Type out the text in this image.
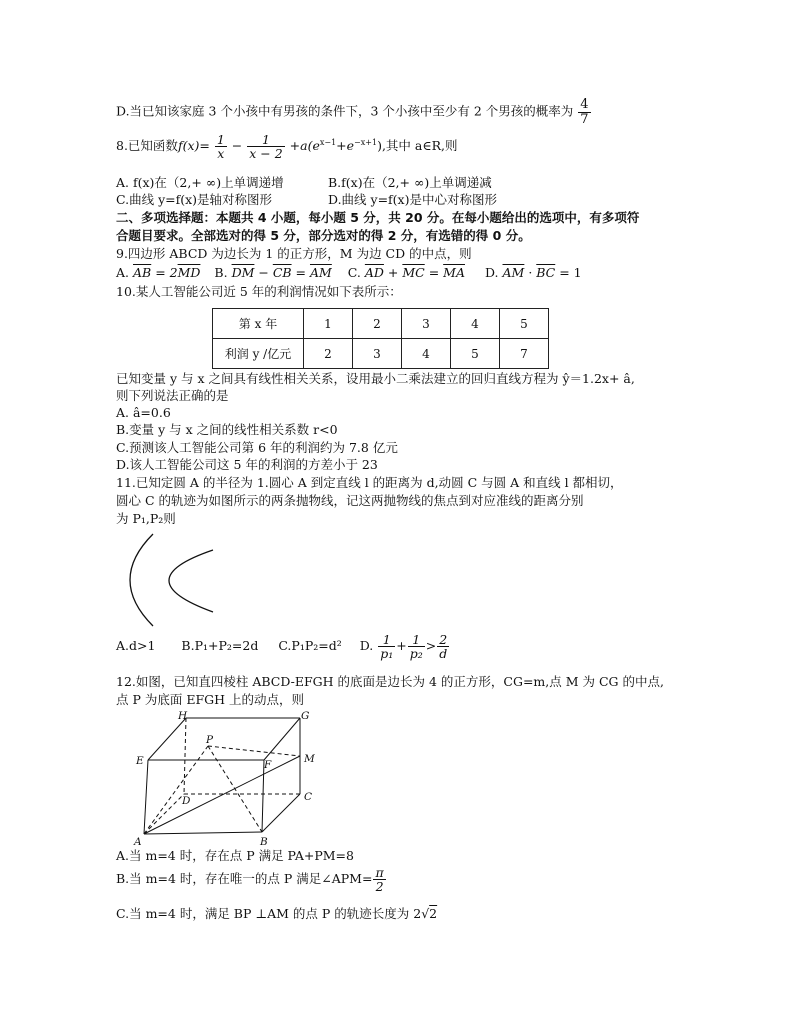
D.当已知该家庭 3 个小孩中有男孩的条件下，3 个小孩中至少有 2 个男孩的概率为 $\frac{4}{7}$
8.已知函数$f(x)= \frac{1}{x} - \frac{1}{x - 2} +a(e^{x-1}+e^{-x+1})$,其中 a∈R,则
A. f(x)在（2,+ ∞)上单调递增	B.f(x)在（2,+ ∞)上单调递减
C.曲线 y=f(x)是轴对称图形	D.曲线 y=f(x)是中心对称图形
二、多项选择题：本题共 4 小题，每小题 5 分，共 20 分。在每小题给出的选项中，有多项符
合题目要求。全部选对的得 5 分，部分选对的得 2 分，有选错的得 0 分。
9.四边形 ABCD 为边长为 1 的正方形，M 为边 CD 的中点，则
A. $\overline{AB} = 2\overline{MD}$ B. $\overline{DM} - \overline{CB} = \overline{AM}$ C. $\overline{AD} + \overline{MC} = \overline{MA}$ D. $\overline{AM} \cdot \overline{BC} = 1$
10.某人工智能公司近 5 年的利润情况如下表所示：
第 x 年	1	2	3	4	5
利润 y /亿元	2	3	4	5	7
已知变量 y 与 x 之间具有线性相关关系，设用最小二乘法建立的回归直线方程为 ŷ＝1.2x+ â,
则下列说法正确的是
A. â=0.6
B.变量 y 与 x 之间的线性相关系数 r<0
C.预测该人工智能公司第 6 年的利润约为 7.8 亿元
D.该人工智能公司这 5 年的利润的方差小于 23
11.已知定圆 A 的半径为 1.圆心 A 到定直线 l 的距离为 d,动圆 C 与圆 A 和直线 l 都相切，
圆心 C 的轨迹为如图所示的两条抛物线，记这两抛物线的焦点到对应准线的距离分别
为 P₁,P₂则
A.d>1 B.P₁+P₂=2d C.P₁P₂=d² D. $\frac{1}{\text{p₁}} + \frac{1}{\text{p₂}} > \frac{2}{d}$
12.如图，已知直四棱柱 ABCD-EFGH 的底面是边长为 4 的正方形，CG=m,点 M 为 CG 的中点,
点 P 为底面 EFGH 上的动点，则
H	G
P
E	F	M
D	C
A	B
A.当 m=4 时，存在点 P 满足 PA+PM=8
B.当 m=4 时，存在唯一的点 P 满足∠APM= $\frac{\pi}{2}$
C.当 m=4 时，满足 BP ⊥AM 的点 P 的轨迹长度为 2√2
